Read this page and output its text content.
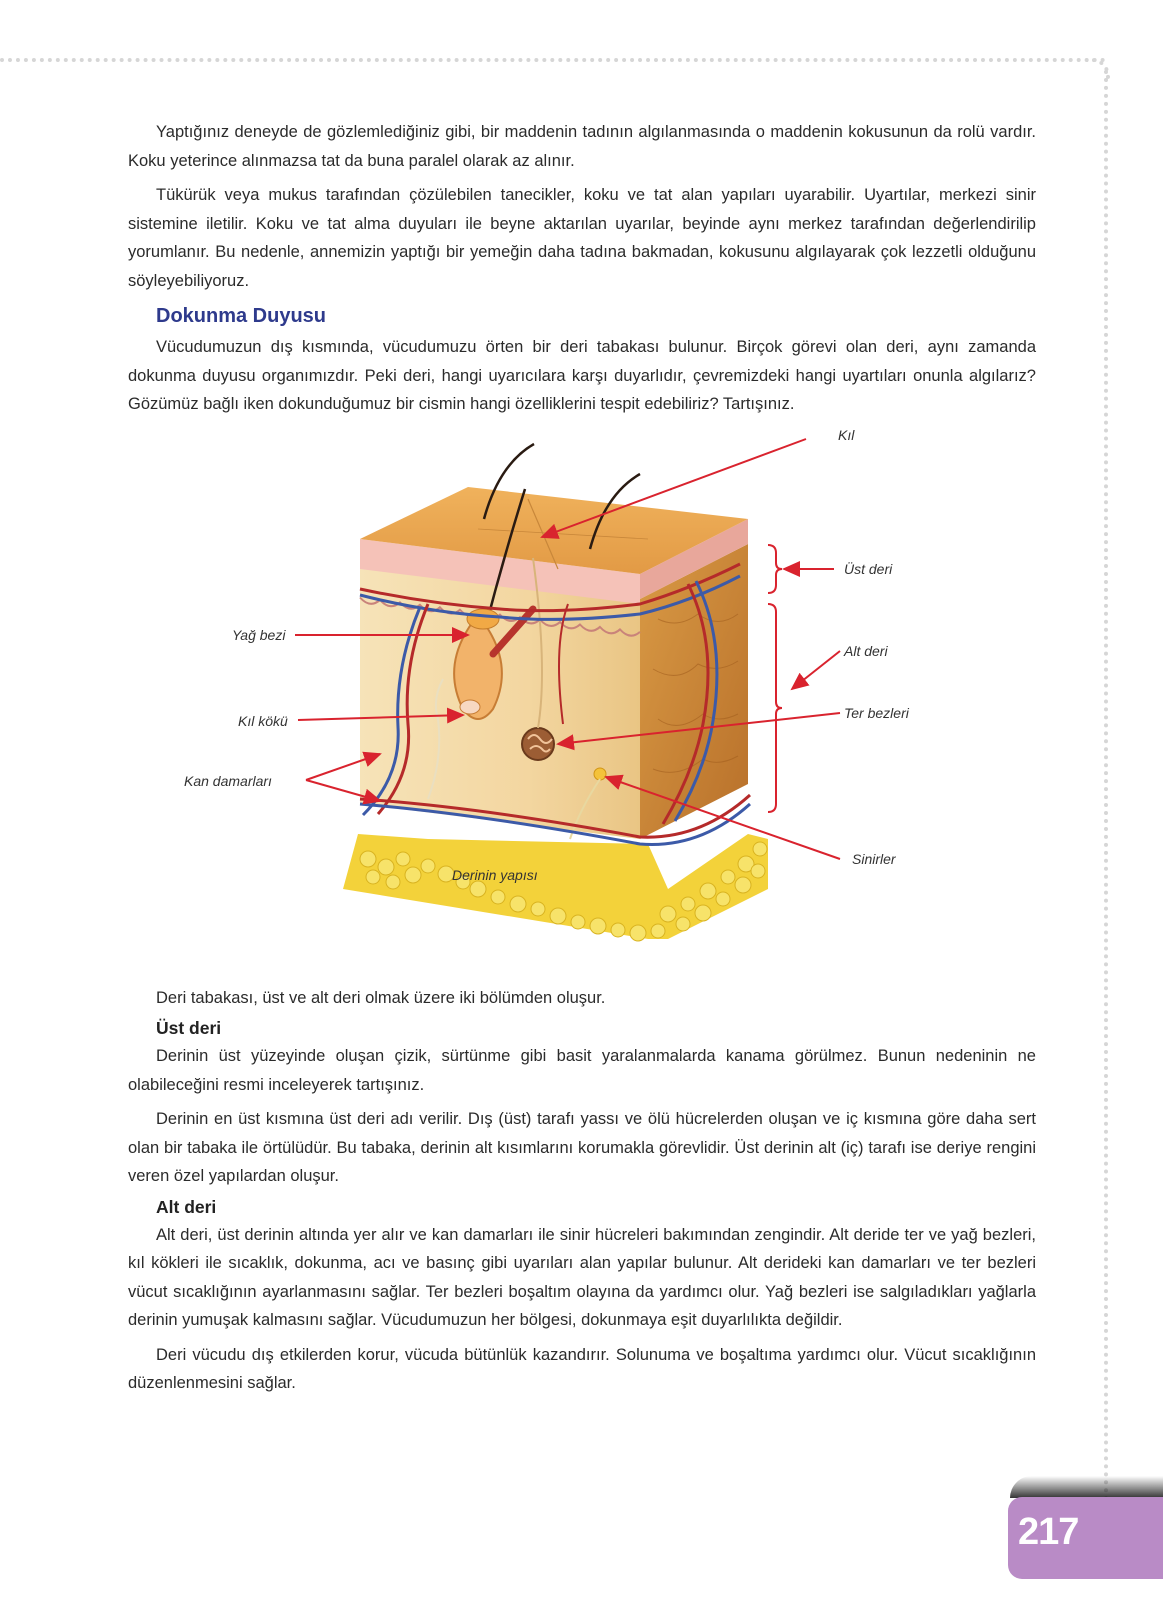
Yaptığınız deneyde de gözlemlediğiniz gibi, bir maddenin tadının algılanmasında o maddenin kokusunun da rolü vardır. Koku yeterince alınmazsa tat da buna paralel olarak az alınır.

Tükürük veya mukus tarafından çözülebilen tanecikler, koku ve tat alan yapıları uyarabilir. Uyartılar, merkezi sinir sistemine iletilir. Koku ve tat alma duyuları ile beyne aktarılan uyarılar, beyinde aynı merkez tarafından değerlendirilip yorumlanır. Bu nedenle, annemizin yaptığı bir yemeğin daha tadına bakmadan, kokusunu algılayarak çok lezzetli olduğunu söyleyebiliyoruz.

Dokunma Duyusu

Vücudumuzun dış kısmında, vücudumuzu örten bir deri tabakası bulunur. Birçok görevi olan deri, aynı zamanda dokunma duyusu organımızdır. Peki deri, hangi uyarıcılara karşı duyarlıdır, çevremizdeki hangi uyartıları onunla algılarız? Gözümüz bağlı iken dokunduğumuz bir cismin hangi özelliklerini tespit edebiliriz? Tartışınız.

Kıl
Üst deri
Alt deri
Ter bezleri
Sinirler
Yağ bezi
Kıl kökü
Kan damarları
Derinin yapısı

Deri tabakası, üst ve alt deri olmak üzere iki bölümden oluşur.

Üst deri

Derinin üst yüzeyinde oluşan çizik, sürtünme gibi basit yaralanmalarda kanama görülmez. Bunun nedeninin ne olabileceğini resmi inceleyerek tartışınız.

Derinin en üst kısmına üst deri adı verilir. Dış (üst) tarafı yassı ve ölü hücrelerden oluşan ve iç kısmına göre daha sert olan bir tabaka ile örtülüdür. Bu tabaka, derinin alt kısımlarını korumakla görevlidir. Üst derinin alt (iç) tarafı ise deriye rengini veren özel yapılardan oluşur.

Alt deri

Alt deri, üst derinin altında yer alır ve kan damarları ile sinir hücreleri bakımından zengindir. Alt deride ter ve yağ bezleri, kıl kökleri ile sıcaklık, dokunma, acı ve basınç gibi uyarıları alan yapılar bulunur. Alt derideki kan damarları ve ter bezleri vücut sıcaklığının ayarlanmasını sağlar. Ter bezleri boşaltım olayına da yardımcı olur. Yağ bezleri ise salgıladıkları yağlarla derinin yumuşak kalmasını sağlar. Vücudumuzun her bölgesi, dokunmaya eşit duyarlılıkta değildir.

Deri vücudu dış etkilerden korur, vücuda bütünlük kazandırır. Solunuma ve boşaltıma yardımcı olur. Vücut sıcaklığının düzenlenmesini sağlar.

217
